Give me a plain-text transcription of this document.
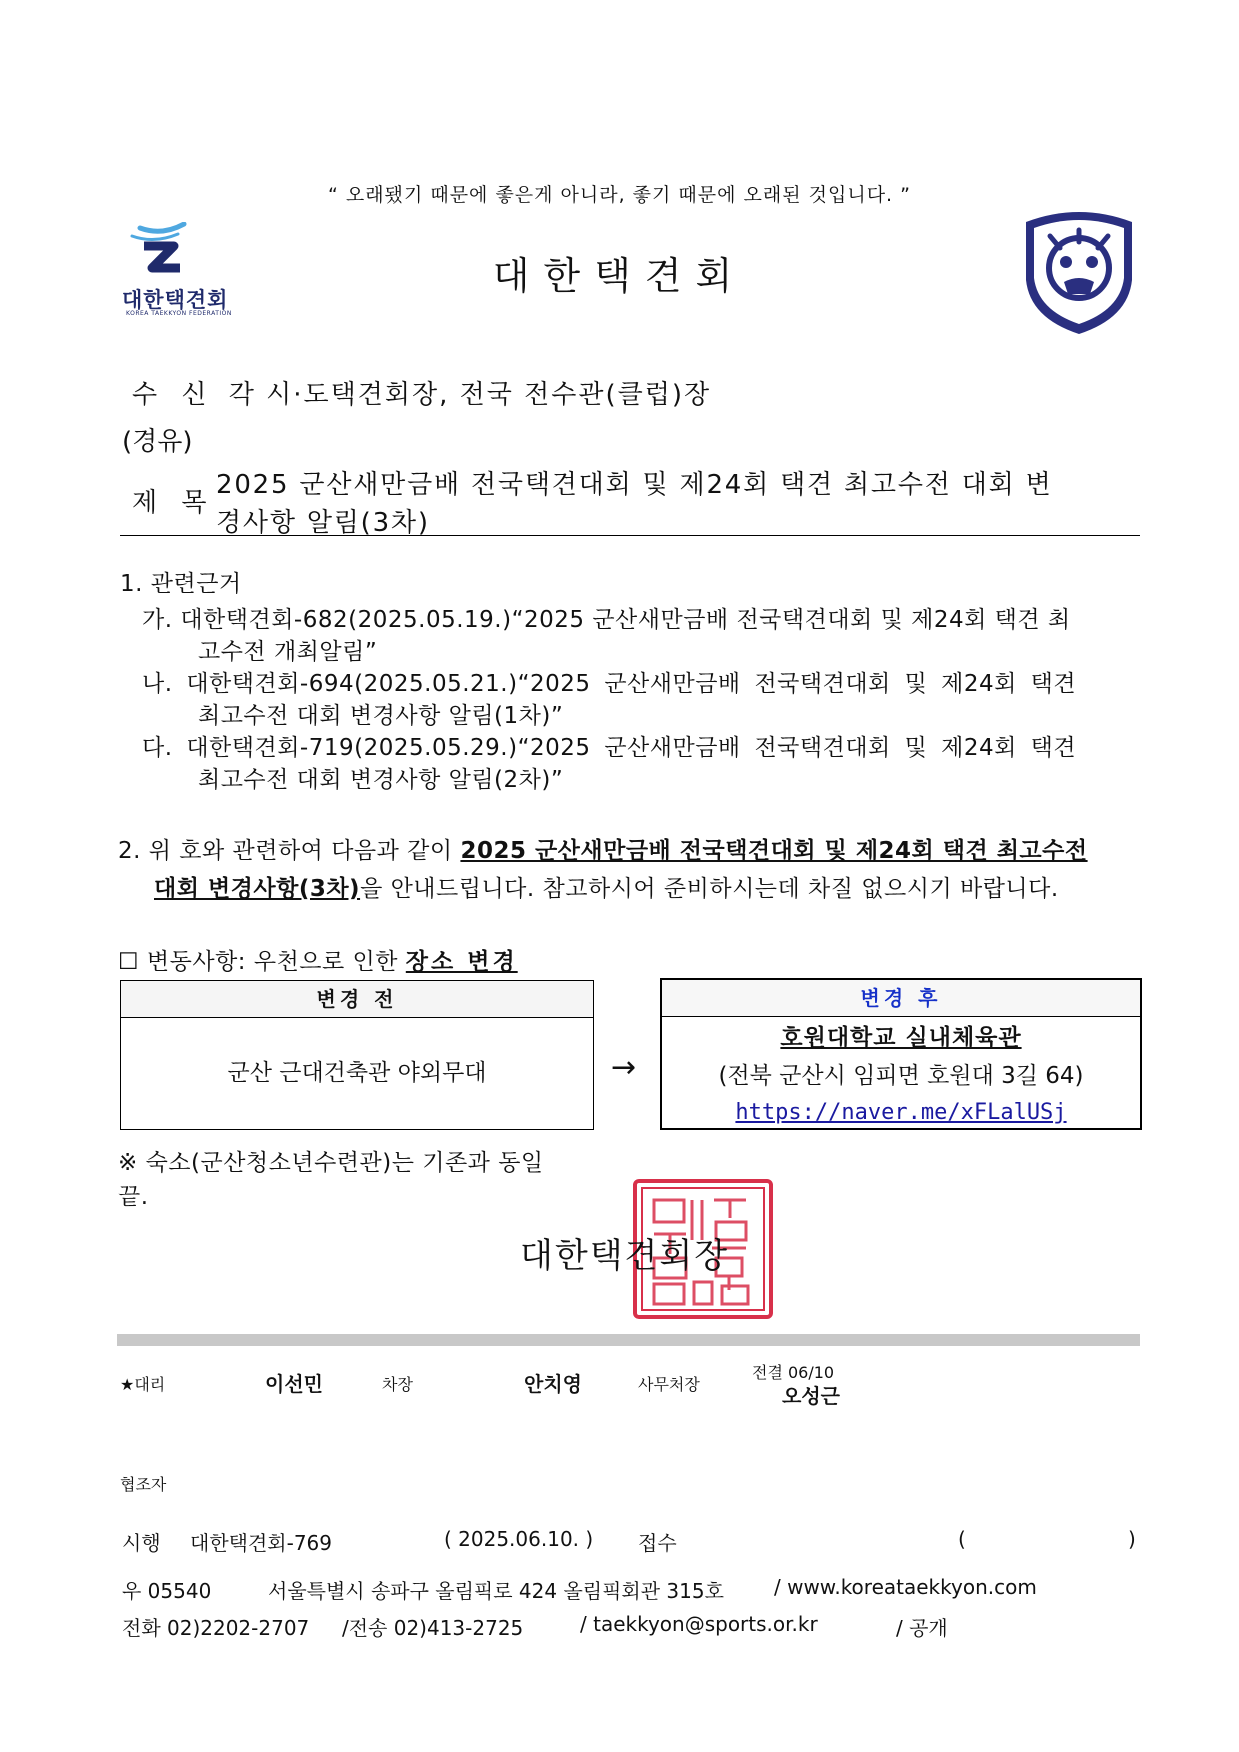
“ 오래됐기 때문에 좋은게 아니라, 좋기 때문에 오래된 것입니다. ”
대한택견회
KOREA TAEKKYON FEDERATION
대한택견회
수 신 각 시·도택견회장, 전국 전수관(클럽)장
(경유)
제 목
2025 군산새만금배 전국택견대회 및 제24회 택견 최고수전 대회 변
경사항 알림(3차)
1. 관련근거
가. 대한택견회-682(2025.05.19.)“2025 군산새만금배 전국택견대회 및 제24회 택견 최
고수전 개최알림”
나. 대한택견회-694(2025.05.21.)“2025 군산새만금배 전국택견대회 및 제24회 택견
최고수전 대회 변경사항 알림(1차)”
다. 대한택견회-719(2025.05.29.)“2025 군산새만금배 전국택견대회 및 제24회 택견
최고수전 대회 변경사항 알림(2차)”
2. 위 호와 관련하여 다음과 같이 2025 군산새만금배 전국택견대회 및 제24회 택견 최고수전
대회 변경사항(3차)을 안내드립니다. 참고하시어 준비하시는데 차질 없으시기 바랍니다.
☐ 변동사항: 우천으로 인한 장소 변경
변경 전
군산 근대건축관 야외무대	→
변경 후
호원대학교 실내체육관
(전북 군산시 임피면 호원대 3길 64)
https://naver.me/xFLalUSj
※ 숙소(군산청소년수련관)는 기존과 동일
끝.
대한택견회장
★대리	이선민	차장	안치영	사무처장
전결 06/10
오성근
협조자
시행 대한택견회-769	( 2025.06.10. ) 접수	(	)
우 05540	서울특별시 송파구 올림픽로 424 올림픽회관 315호	/ www.koreataekkyon.com
전화 02)2202-2707 /전송 02)413-2725	/ taekkyon@sports.or.kr	/ 공개
